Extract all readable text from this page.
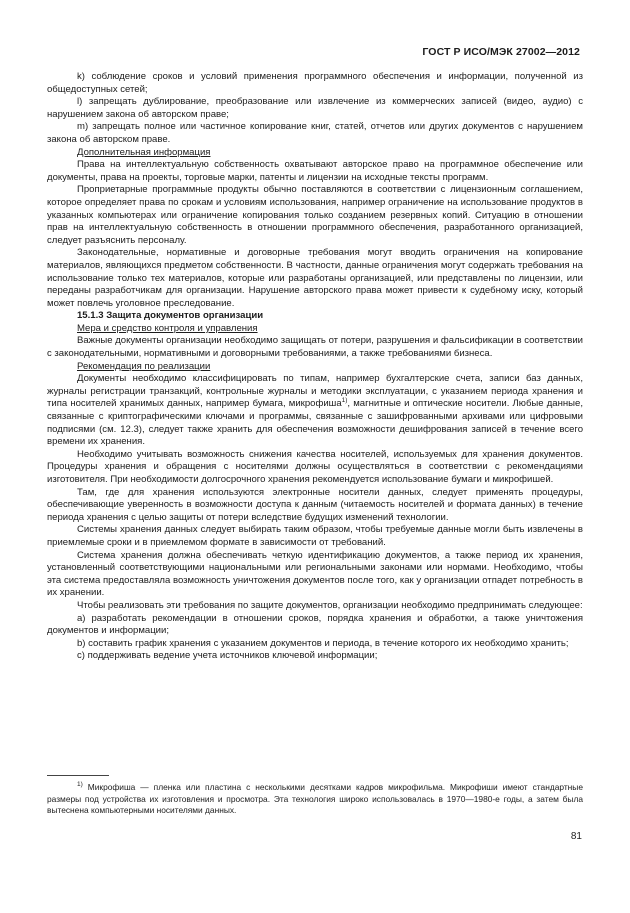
ГОСТ Р ИСО/МЭК 27002—2012

k) соблюдение сроков и условий применения программного обеспечения и информации, полученной из общедоступных сетей;

l) запрещать дублирование, преобразование или извлечение из коммерческих записей (видео, аудио) с нарушением закона об авторском праве;

m) запрещать полное или частичное копирование книг, статей, отчетов или других документов с нарушением закона об авторском праве.

Дополнительная информация

Права на интеллектуальную собственность охватывают авторское право на программное обеспечение или документы, права на проекты, торговые марки, патенты и лицензии на исходные тексты программ.

Проприетарные программные продукты обычно поставляются в соответствии с лицензионным соглашением, которое определяет права по срокам и условиям использования, например ограничение на использование продуктов в указанных компьютерах или ограничение копирования только созданием резервных копий. Ситуацию в отношении прав на интеллектуальную собственность в отношении программного обеспечения, разработанного организацией, следует разъяснить персоналу.

Законодательные, нормативные и договорные требования могут вводить ограничения на копирование материалов, являющихся предметом собственности. В частности, данные ограничения могут содержать требования на использование только тех материалов, которые или разработаны организацией, или представлены по лицензии, или переданы разработчикам для организации. Нарушение авторского права может привести к судебному иску, который может повлечь уголовное преследование.

15.1.3 Защита документов организации

Мера и средство контроля и управления

Важные документы организации необходимо защищать от потери, разрушения и фальсификации в соответствии с законодательными, нормативными и договорными требованиями, а также требованиями бизнеса.

Рекомендация по реализации

Документы необходимо классифицировать по типам, например бухгалтерские счета, записи баз данных, журналы регистрации транзакций, контрольные журналы и методики эксплуатации, с указанием периода хранения и типа носителей хранимых данных, например бумага, микрофиша$^{1)}$, магнитные и оптические носители. Любые данные, связанные с криптографическими ключами и программы, связанные с зашифрованными архивами или цифровыми подписями (см. 12.3), следует также хранить для обеспечения возможности дешифрования записей в течение всего времени их хранения.

Необходимо учитывать возможность снижения качества носителей, используемых для хранения документов. Процедуры хранения и обращения с носителями должны осуществляться в соответствии с рекомендациями изготовителя. При необходимости долгосрочного хранения рекомендуется использование бумаги и микрофишей.

Там, где для хранения используются электронные носители данных, следует применять процедуры, обеспечивающие уверенность в возможности доступа к данным (читаемость носителей и формата данных) в течение периода хранения с целью защиты от потери вследствие будущих изменений технологии.

Системы хранения данных следует выбирать таким образом, чтобы требуемые данные могли быть извлечены в приемлемые сроки и в приемлемом формате в зависимости от требований.

Система хранения должна обеспечивать четкую идентификацию документов, а также период их хранения, установленный соответствующими национальными или региональными законами или нормами. Необходимо, чтобы эта система предоставляла возможность уничтожения документов после того, как у организации отпадет потребность в их хранении.

Чтобы реализовать эти требования по защите документов, организации необходимо предпринимать следующее:

a) разработать рекомендации в отношении сроков, порядка хранения и обработки, а также уничтожения документов и информации;

b) составить график хранения с указанием документов и периода, в течение которого их необходимо хранить;

c) поддерживать ведение учета источников ключевой информации;

$^{1)}$ Микрофиша — пленка или пластина с несколькими десятками кадров микрофильма. Микрофиши имеют стандартные размеры под устройства их изготовления и просмотра. Эта технология широко использовалась в 1970—1980-е годы, а затем была вытеснена компьютерными носителями данных.

81
